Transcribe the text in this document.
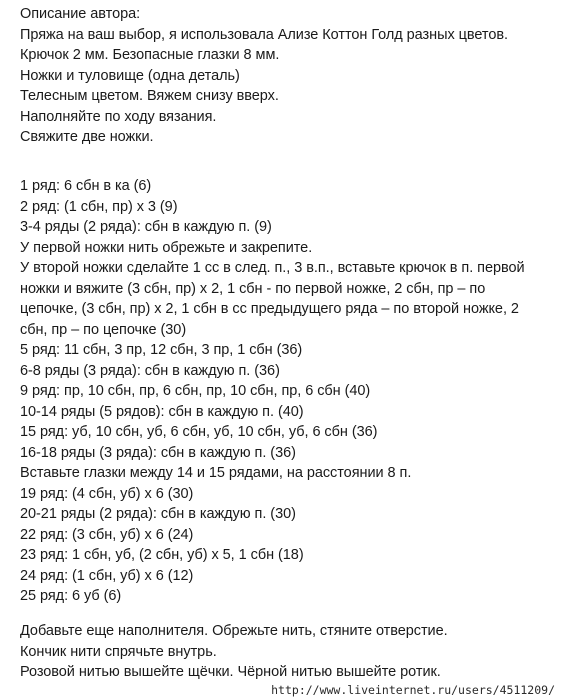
Описание автора:
Пряжа на ваш выбор, я использовала Ализе Коттон Голд разных цветов.
Крючок 2 мм. Безопасные глазки 8 мм.
Ножки и туловище (одна деталь)
Телесным цветом. Вяжем снизу вверх.
Наполняйте по ходу вязания.
Свяжите две ножки.
1 ряд: 6 сбн в ка (6)
2 ряд: (1 сбн, пр) х 3 (9)
3-4 ряды (2 ряда): сбн в каждую п. (9)
У первой ножки нить обрежьте и закрепите.
У второй ножки сделайте 1 сс в след. п., 3 в.п., вставьте крючок в п. первой
ножки и вяжите (3 сбн, пр) х 2, 1 сбн - по первой ножке, 2 сбн, пр – по
цепочке, (3 сбн, пр) х 2, 1 сбн в сс предыдущего ряда – по второй ножке, 2
сбн, пр – по цепочке (30)
5 ряд: 11 сбн, 3 пр, 12 сбн, 3 пр, 1 сбн (36)
6-8 ряды (3 ряда): сбн в каждую п. (36)
9 ряд: пр, 10 сбн, пр, 6 сбн, пр, 10 сбн, пр, 6 сбн (40)
10-14 ряды (5 рядов): сбн в каждую п. (40)
15 ряд: уб, 10 сбн, уб, 6 сбн, уб, 10 сбн, уб, 6 сбн (36)
16-18 ряды (3 ряда): сбн в каждую п. (36)
Вставьте глазки между 14 и 15 рядами, на расстоянии 8 п.
19 ряд: (4 сбн, уб) х 6 (30)
20-21 ряды (2 ряда): сбн в каждую п. (30)
22 ряд: (3 сбн, уб) х 6 (24)
23 ряд: 1 сбн, уб, (2 сбн, уб) х 5, 1 сбн (18)
24 ряд: (1 сбн, уб) х 6 (12)
25 ряд: 6 уб (6)
Добавьте еще наполнителя. Обрежьте нить, стяните отверстие.
Кончик нити спрячьте внутрь.
Розовой нитью вышейте щёчки. Чёрной нитью вышейте ротик.
http://www.liveinternet.ru/users/4511209/
